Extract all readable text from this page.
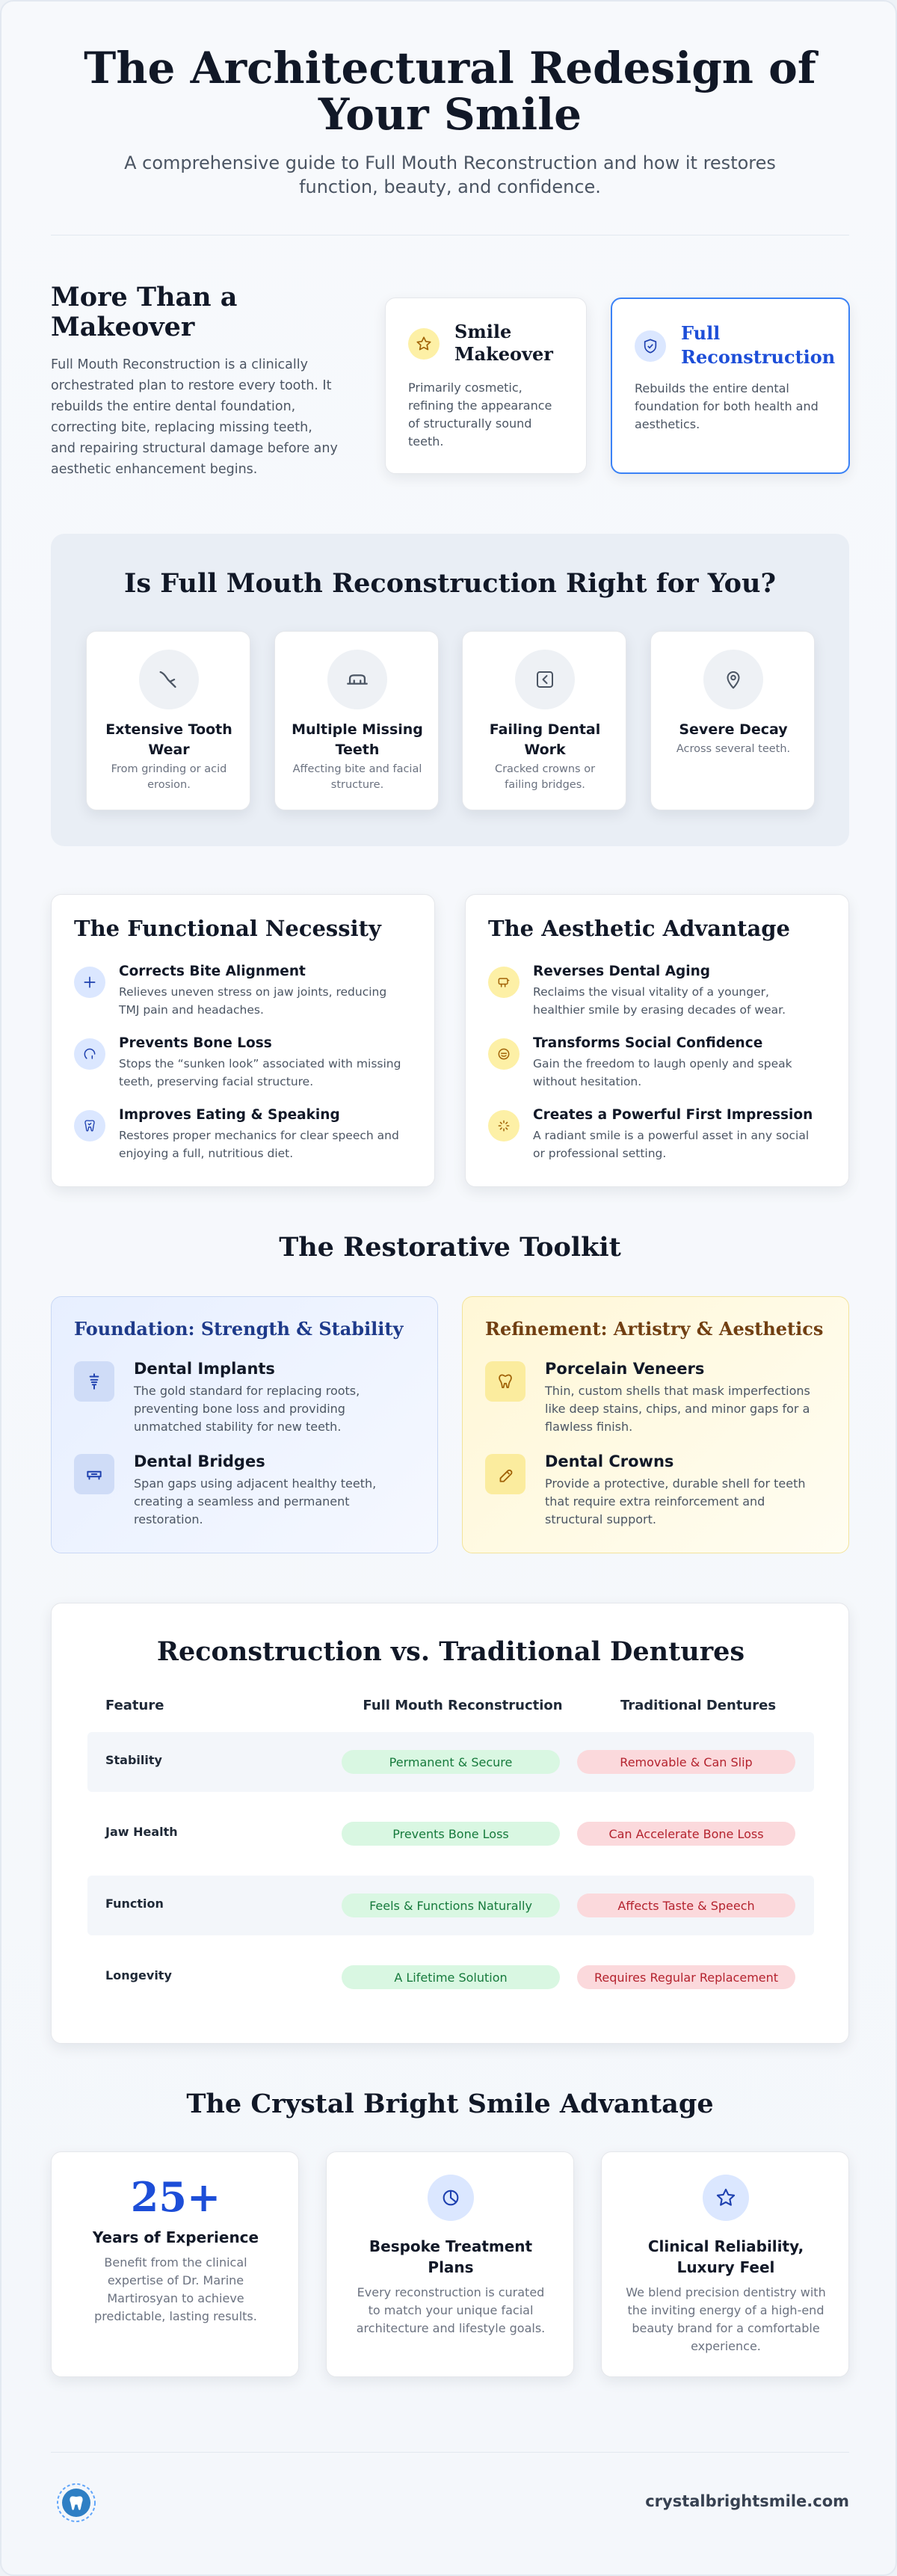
The Architectural Redesign of
Your Smile
A comprehensive guide to Full Mouth Reconstruction and how it restores
function, beauty, and confidence.
More Than a
Makeover
Full Mouth Reconstruction is a clinically
orchestrated plan to restore every tooth. It
rebuilds the entire dental foundation,
correcting bite, replacing missing teeth,
and repairing structural damage before any
aesthetic enhancement begins.
Smile
Makeover
Primarily cosmetic,
refining the appearance
of structurally sound
teeth.
Full
Reconstruction
Rebuilds the entire dental
foundation for both health and
aesthetics.
Is Full Mouth Reconstruction Right for You?
Extensive Tooth
Wear
From grinding or acid
erosion.
Multiple Missing
Teeth
Affecting bite and facial
structure.
Failing Dental
Work
Cracked crowns or
failing bridges.
Severe Decay
Across several teeth.
The Functional Necessity
Corrects Bite Alignment
Relieves uneven stress on jaw joints, reducing
TMJ pain and headaches.
Prevents Bone Loss
Stops the “sunken look” associated with missing
teeth, preserving facial structure.
Improves Eating & Speaking
Restores proper mechanics for clear speech and
enjoying a full, nutritious diet.
The Aesthetic Advantage
Reverses Dental Aging
Reclaims the visual vitality of a younger,
healthier smile by erasing decades of wear.
Transforms Social Confidence
Gain the freedom to laugh openly and speak
without hesitation.
Creates a Powerful First Impression
A radiant smile is a powerful asset in any social
or professional setting.
The Restorative Toolkit
Foundation: Strength & Stability
Dental Implants
The gold standard for replacing roots,
preventing bone loss and providing
unmatched stability for new teeth.
Dental Bridges
Span gaps using adjacent healthy teeth,
creating a seamless and permanent
restoration.
Refinement: Artistry & Aesthetics
Porcelain Veneers
Thin, custom shells that mask imperfections
like deep stains, chips, and minor gaps for a
flawless finish.
Dental Crowns
Provide a protective, durable shell for teeth
that require extra reinforcement and
structural support.
Reconstruction vs. Traditional Dentures
Feature	Full Mouth Reconstruction	Traditional Dentures
Stability	Permanent & Secure	Removable & Can Slip
Jaw Health	Prevents Bone Loss	Can Accelerate Bone Loss
Function	Feels & Functions Naturally	Affects Taste & Speech
Longevity	A Lifetime Solution	Requires Regular Replacement
The Crystal Bright Smile Advantage
25+
Years of Experience
Benefit from the clinical
expertise of Dr. Marine
Martirosyan to achieve
predictable, lasting results.
Bespoke Treatment
Plans
Every reconstruction is curated
to match your unique facial
architecture and lifestyle goals.
Clinical Reliability,
Luxury Feel
We blend precision dentistry with
the inviting energy of a high-end
beauty brand for a comfortable
experience.
crystalbrightsmile.com
